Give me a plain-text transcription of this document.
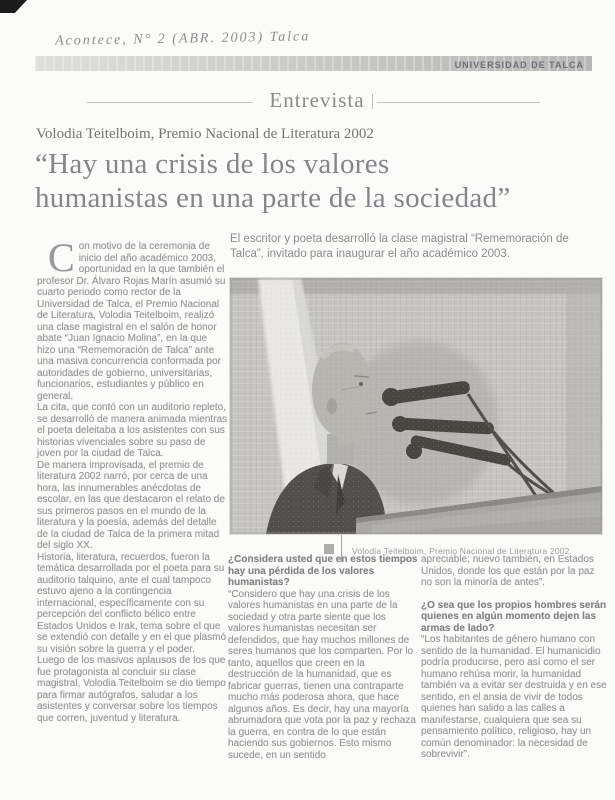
Acontece, N° 2 (ABR. 2003) Talca
UNIVERSIDAD DE TALCA
Entrevista
Volodia Teitelboim, Premio Nacional de Literatura 2002
“Hay una crisis de los valores
humanistas en una parte de la sociedad”
El escritor y poeta desarrolló la clase magistral “Rememoración de Talca”, invitado para inaugurar el año académico 2003.

Con motivo de la ceremonia de inicio del año académico 2003, oportunidad en la que también el profesor Dr. Álvaro Rojas Marín asumió su cuarto periodo como rector de la Universidad de Talca, el Premio Nacional de Literatura, Volodia Teitelboim, realizó una clase magistral en el salón de honor abate “Juan Ignacio Molina”, en la que hizo una “Rememoración de Talca” ante una masiva concurrencia conformada por autoridades de gobierno, universitarias, funcionarios, estudiantes y público en general.

La cita, que contó con un auditorio repleto, se desarrolló de manera animada mientras el poeta deleitaba a los asistentes con sus historias vivenciales sobre su paso de joven por la ciudad de Talca.

De manera improvisada, el premio de literatura 2002 narró, por cerca de una hora, las innumerables anécdotas de escolar, en las que destacaron el relato de sus primeros pasos en el mundo de la literatura y la poesía, además del detalle de la ciudad de Talca de la primera mitad del siglo XX.

Historia, literatura, recuerdos, fueron la temática desarrollada por el poeta para su auditorio talquino, ante el cual tampoco estuvo ajeno a la contingencia internacional, específicamente con su percepción del conflicto bélico entre Estados Unidos e Irak, tema sobre el que se extendió con detalle y en el que plasmó su visión sobre la guerra y el poder.

Luego de los masivos aplausos de los que fue protagonista al concluir su clase magistral, Volodia Teitelboim se dio tiempo para firmar autógrafos, saludar a los asistentes y conversar sobre los tiempos que corren, juventud y literatura.

Volodia Teitelboim, Premio Nacional de Literatura 2002.

¿Considera usted que en estos tiempos hay una pérdida de los valores humanistas?

“Considero que hay una crisis de los valores humanistas en una parte de la sociedad y otra parte siente que los valores humanistas necesitan ser defendidos, que hay muchos millones de seres humanos que los comparten. Por lo tanto, aquellos que creen en la destrucción de la humanidad, que es fabricar guerras, tienen una contraparte mucho más poderosa ahora, que hace algunos años. Es decir, hay una mayoría abrumadora que vota por la paz y rechaza la guerra, en contra de lo que están haciendo sus gobiernos. Esto mismo sucede, en un sentido

apreciable; nuevo también, en Estados Unidos, donde los que están por la paz no son la minoría de antes”.

¿O sea que los propios hombres serán quienes en algún momento dejen las armas de lado?

“Los habitantes de género humano con sentido de la humanidad. El humanicidio podría producirse, pero así como el ser humano rehúsa morir, la humanidad también va a evitar ser destruida y en ese sentido, en el ansia de vivir de todos quienes han salido a las calles a manifestarse, cualquiera que sea su pensamiento político, religioso, hay un común denominador: la necesidad de sobrevivir”.
